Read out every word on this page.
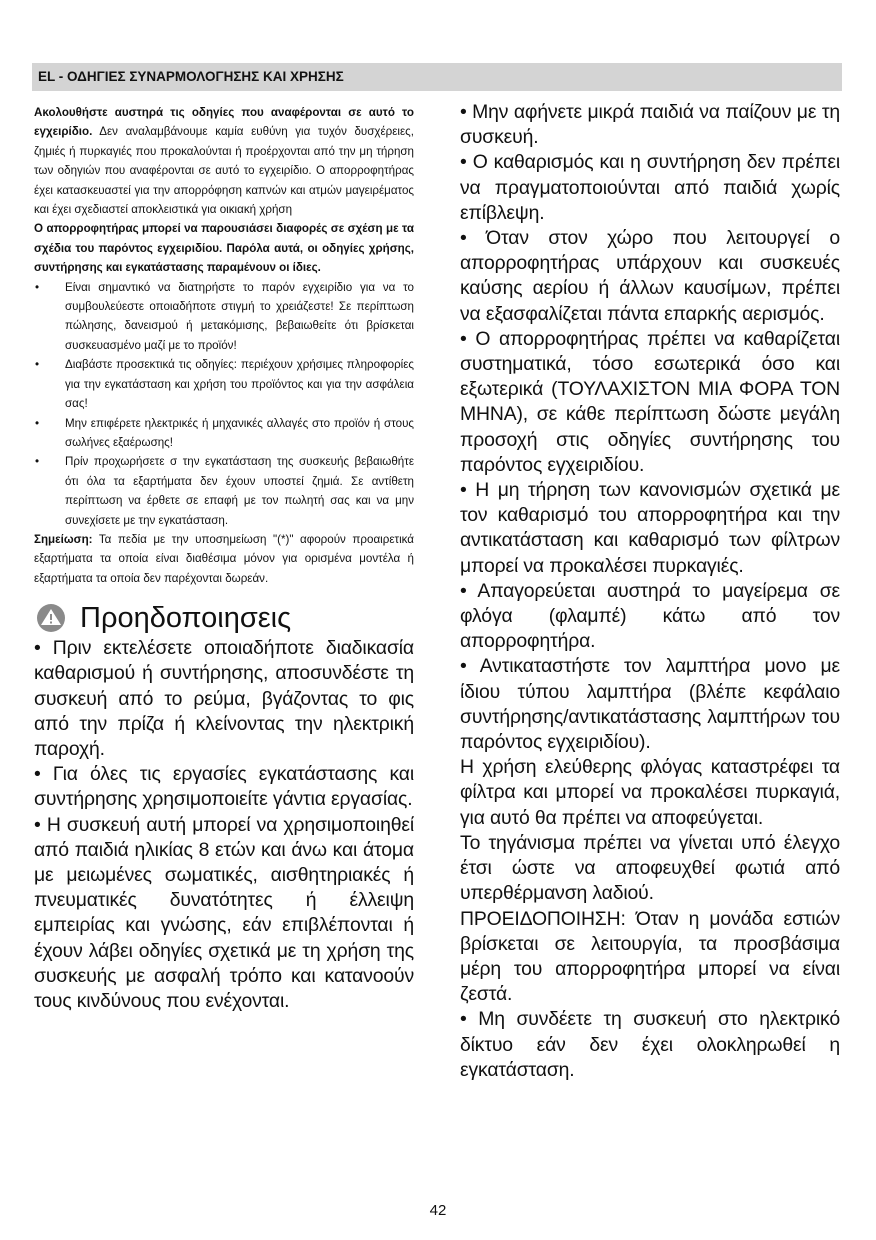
EL - ΟΔΗΓΙΕΣ ΣΥΝΑΡΜΟΛΟΓΗΣΗΣ ΚΑΙ ΧΡΗΣΗΣ

Ακολουθήστε αυστηρά τις οδηγίες που αναφέρονται σε αυτό το εγχειρίδιο. Δεν αναλαμβάνουμε καμία ευθύνη για τυχόν δυσχέρειες, ζημιές ή πυρκαγιές που προκαλούνται ή προέρχονται από την μη τήρηση των οδηγιών που αναφέρονται σε αυτό το εγχειρίδιο. Ο απορροφητήρας έχει κατασκευαστεί για την απορρόφηση καπνών και ατμών μαγειρέματος και έχει σχεδιαστεί αποκλειστικά για οικιακή χρήση

Ο απορροφητήρας μπορεί να παρουσιάσει διαφορές σε σχέση με τα σχέδια του παρόντος εγχειριδίου. Παρόλα αυτά, οι οδηγίες χρήσης, συντήρησης και εγκατάστασης παραμένουν οι ίδιες.

• Είναι σημαντικό να διατηρήστε το παρόν εγχειρίδιο για να το συμβουλεύεστε οποιαδήποτε στιγμή το χρειάζεστε! Σε περίπτωση πώλησης, δανεισμού ή μετακόμισης, βεβαιωθείτε ότι βρίσκεται συσκευασμένο μαζί με το προϊόν!
• Διαβάστε προσεκτικά τις οδηγίες: περιέχουν χρήσιμες πληροφορίες για την εγκατάσταση και χρήση του προϊόντος και για την ασφάλεια σας!
• Μην επιφέρετε ηλεκτρικές ή μηχανικές αλλαγές στο προϊόν ή στους σωλήνες εξαέρωσης!
• Πρίν προχωρήσετε σ την εγκατάσταση της συσκευής βεβαιωθήτε ότι όλα τα εξαρτήματα δεν έχουν υποστεί ζημιά. Σε αντίθετη περίπτωση να έρθετε σε επαφή με τον πωλητή σας και να μην συνεχίσετε με την εγκατάσταση.

Σημείωση: Τα πεδία με την υποσημείωση "(*)" αφορούν προαιρετικά εξαρτήματα τα οποία είναι διαθέσιμα μόνον για ορισμένα μοντέλα ή εξαρτήματα τα οποία δεν παρέχονται δωρεάν.

Προηδοποιησεις

• Πριν εκτελέσετε οποιαδήποτε διαδικασία καθαρισμού ή συντήρησης, αποσυνδέστε τη συσκευή από το ρεύμα, βγάζοντας το φις από την πρίζα ή κλείνοντας την ηλεκτρική παροχή.

• Για όλες τις εργασίες εγκατάστασης και συντήρησης χρησιμοποιείτε γάντια εργασίας.

• Η συσκευή αυτή μπορεί να χρησιμοποιηθεί από παιδιά ηλικίας 8 ετών και άνω και άτομα με μειωμένες σωματικές, αισθητηριακές ή πνευματικές δυνατότητες ή έλλειψη εμπειρίας και γνώσης, εάν επιβλέπονται ή έχουν λάβει οδηγίες σχετικά με τη χρήση της συσκευής με ασφαλή τρόπο και κατανοούν τους κινδύνους που ενέχονται.

• Μην αφήνετε μικρά παιδιά να παίζουν με τη συσκευή.

• Ο καθαρισμός και η συντήρηση δεν πρέπει να πραγματοποιούνται από παιδιά χωρίς επίβλεψη.

• Όταν στον χώρο που λειτουργεί ο απορροφητήρας υπάρχουν και συσκευές καύσης αερίου ή άλλων καυσίμων, πρέπει να εξασφαλίζεται πάντα επαρκής αερισμός.

• Ο απορροφητήρας πρέπει να καθαρίζεται συστηματικά, τόσο εσωτερικά όσο και εξωτερικά (ΤΟΥΛΑΧΙΣΤΟΝ ΜΙΑ ΦΟΡΑ ΤΟΝ ΜΗΝΑ), σε κάθε περίπτωση δώστε μεγάλη προσοχή στις οδηγίες συντήρησης του παρόντος εγχειριδίου.

• Η μη τήρηση των κανονισμών σχετικά με τον καθαρισμό του απορροφητήρα και την αντικατάσταση και καθαρισμό των φίλτρων μπορεί να προκαλέσει πυρκαγιές.

• Απαγορεύεται αυστηρά το μαγείρεμα σε φλόγα (φλαμπέ) κάτω από τον απορροφητήρα.

• Αντικαταστήστε τον λαμπτήρα μονο με ίδιου τύπου λαμπτήρα (βλέπε κεφάλαιο συντήρησης/αντικατάστασης λαμπτήρων του παρόντος εγχειριδίου).

Η χρήση ελεύθερης φλόγας καταστρέφει τα φίλτρα και μπορεί να προκαλέσει πυρκαγιά, για αυτό θα πρέπει να αποφεύγεται.

Το τηγάνισμα πρέπει να γίνεται υπό έλεγχο έτσι ώστε να αποφευχθεί φωτιά από υπερθέρμανση λαδιού.

ΠΡΟΕΙΔΟΠΟΙΗΣΗ: Όταν η μονάδα εστιών βρίσκεται σε λειτουργία, τα προσβάσιμα μέρη του απορροφητήρα μπορεί να είναι ζεστά.

• Μη συνδέετε τη συσκευή στο ηλεκτρικό δίκτυο εάν δεν έχει ολοκληρωθεί η εγκατάσταση.

42
